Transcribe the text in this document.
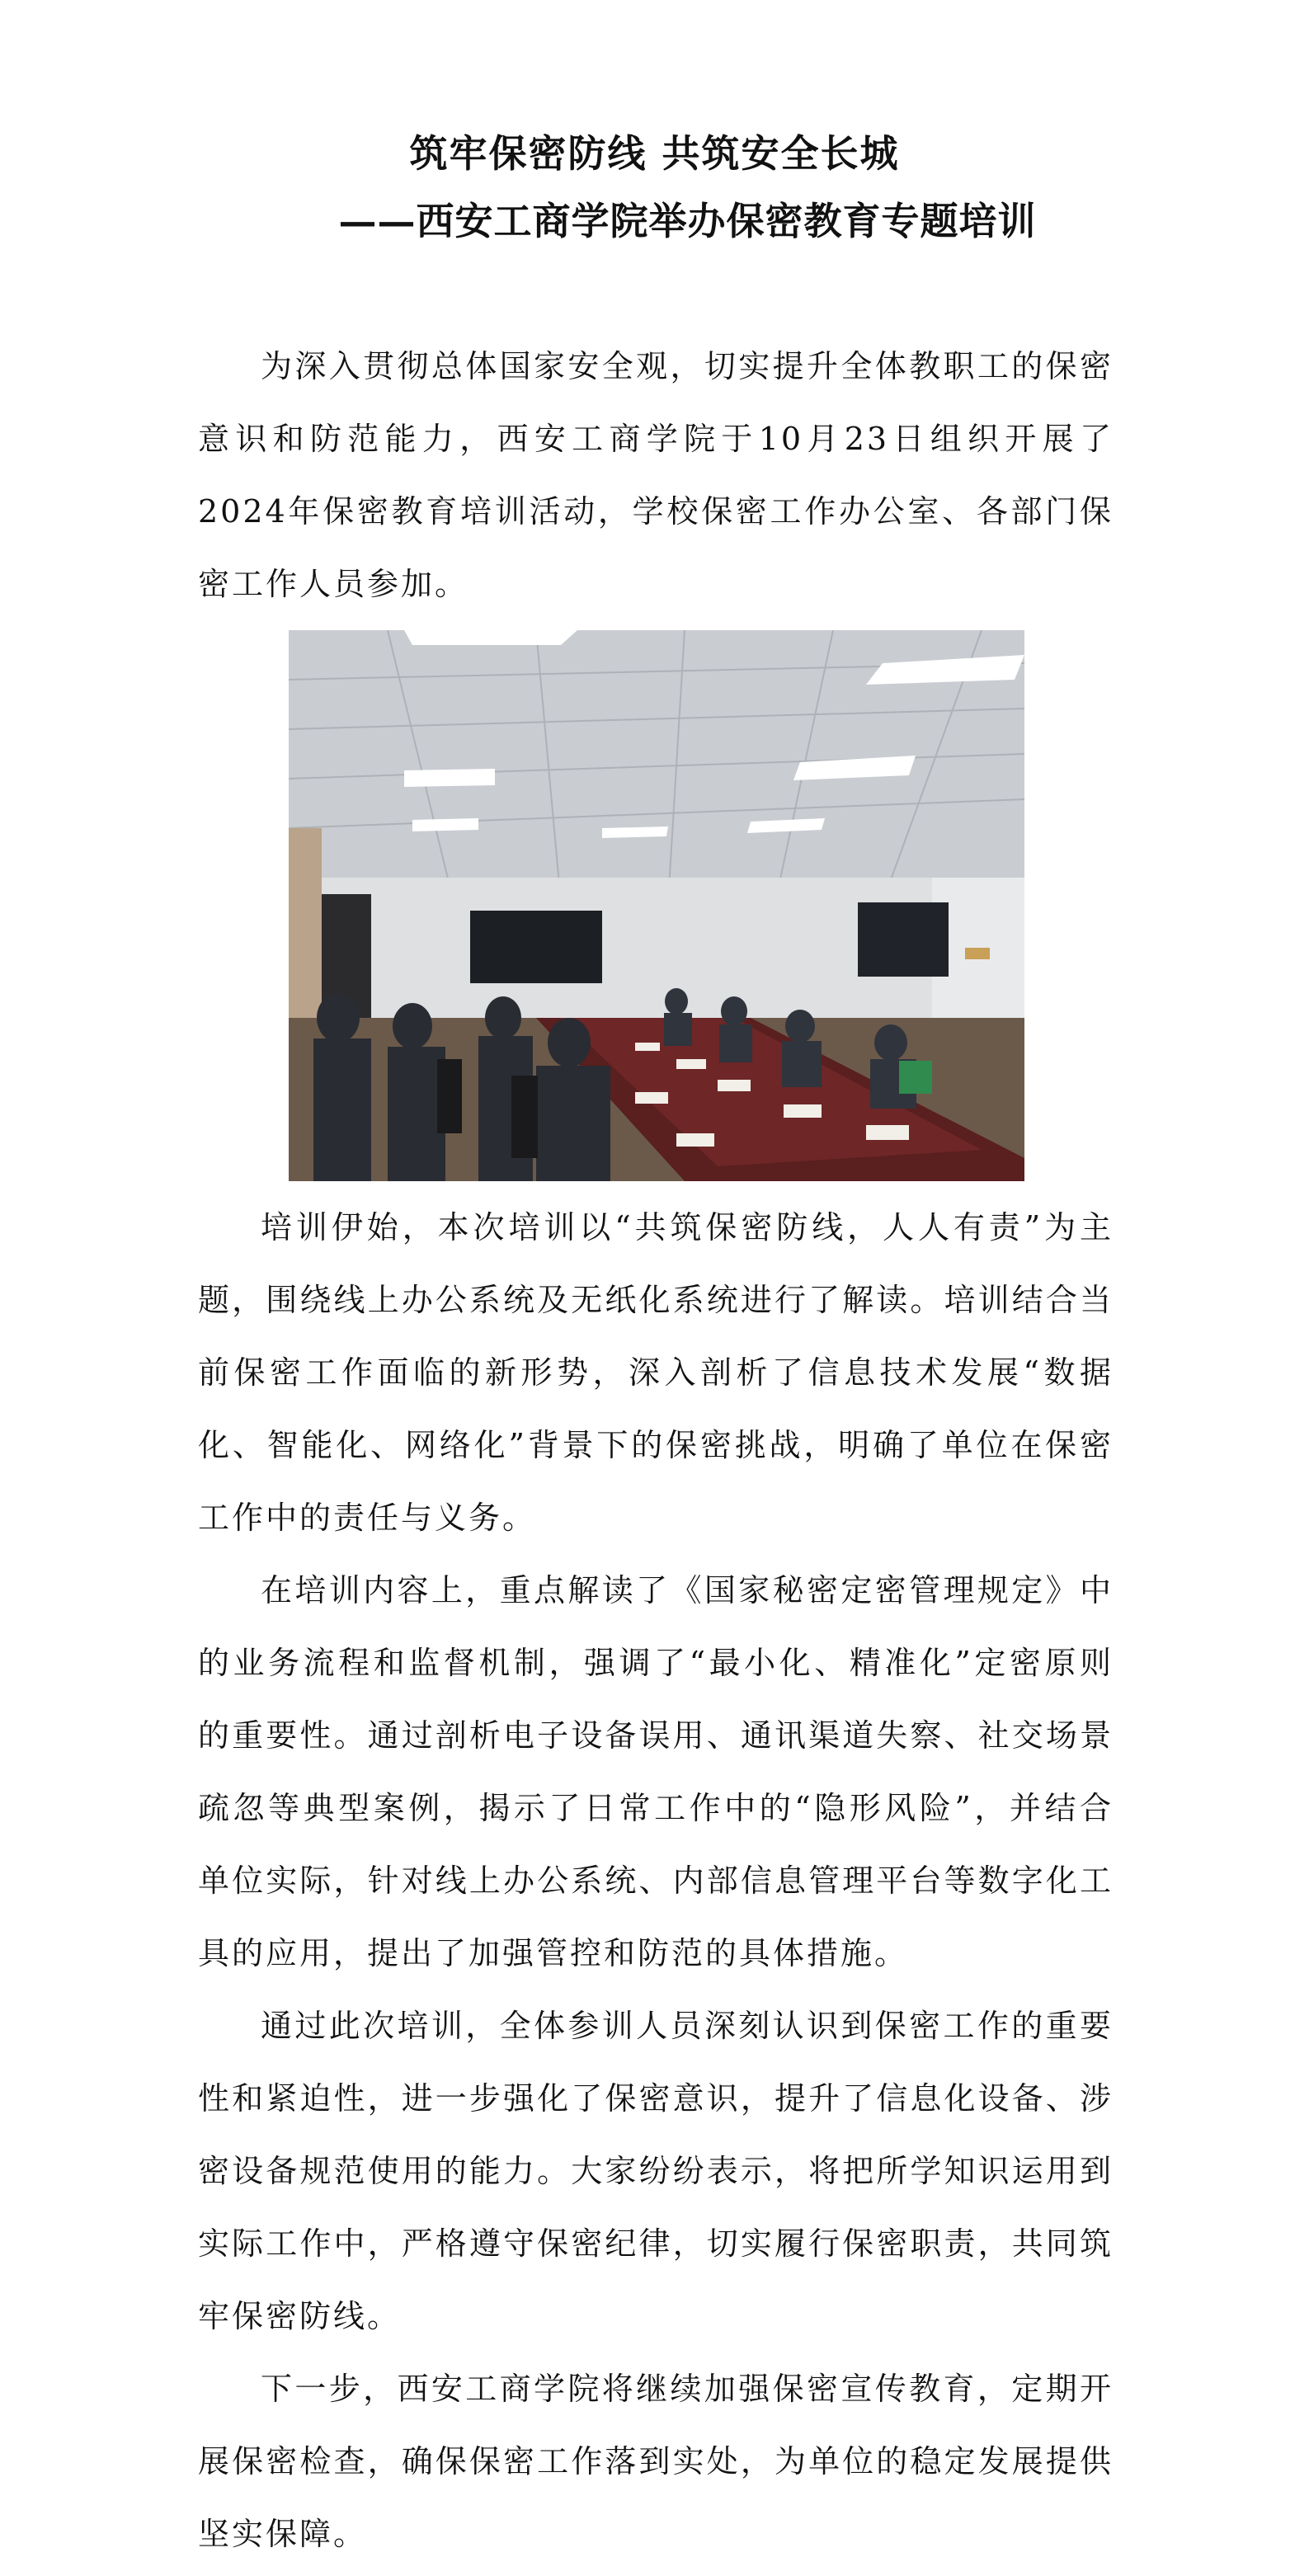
筑牢保密防线 共筑安全长城
——西安工商学院举办保密教育专题培训

为深入贯彻总体国家安全观，切实提升全体教职工的保密意识和防范能力，西安工商学院于10月23日组织开展了2024年保密教育培训活动，学校保密工作办公室、各部门保密工作人员参加。

培训伊始，本次培训以“共筑保密防线，人人有责”为主题，围绕线上办公系统及无纸化系统进行了解读。培训结合当前保密工作面临的新形势，深入剖析了信息技术发展“数据化、智能化、网络化”背景下的保密挑战，明确了单位在保密工作中的责任与义务。

在培训内容上，重点解读了《国家秘密定密管理规定》中的业务流程和监督机制，强调了“最小化、精准化”定密原则的重要性。通过剖析电子设备误用、通讯渠道失察、社交场景疏忽等典型案例，揭示了日常工作中的“隐形风险”，并结合单位实际，针对线上办公系统、内部信息管理平台等数字化工具的应用，提出了加强管控和防范的具体措施。

通过此次培训，全体参训人员深刻认识到保密工作的重要性和紧迫性，进一步强化了保密意识，提升了信息化设备、涉密设备规范使用的能力。大家纷纷表示，将把所学知识运用到实际工作中，严格遵守保密纪律，切实履行保密职责，共同筑牢保密防线。

下一步，西安工商学院将继续加强保密宣传教育，定期开展保密检查，确保保密工作落到实处，为单位的稳定发展提供坚实保障。
